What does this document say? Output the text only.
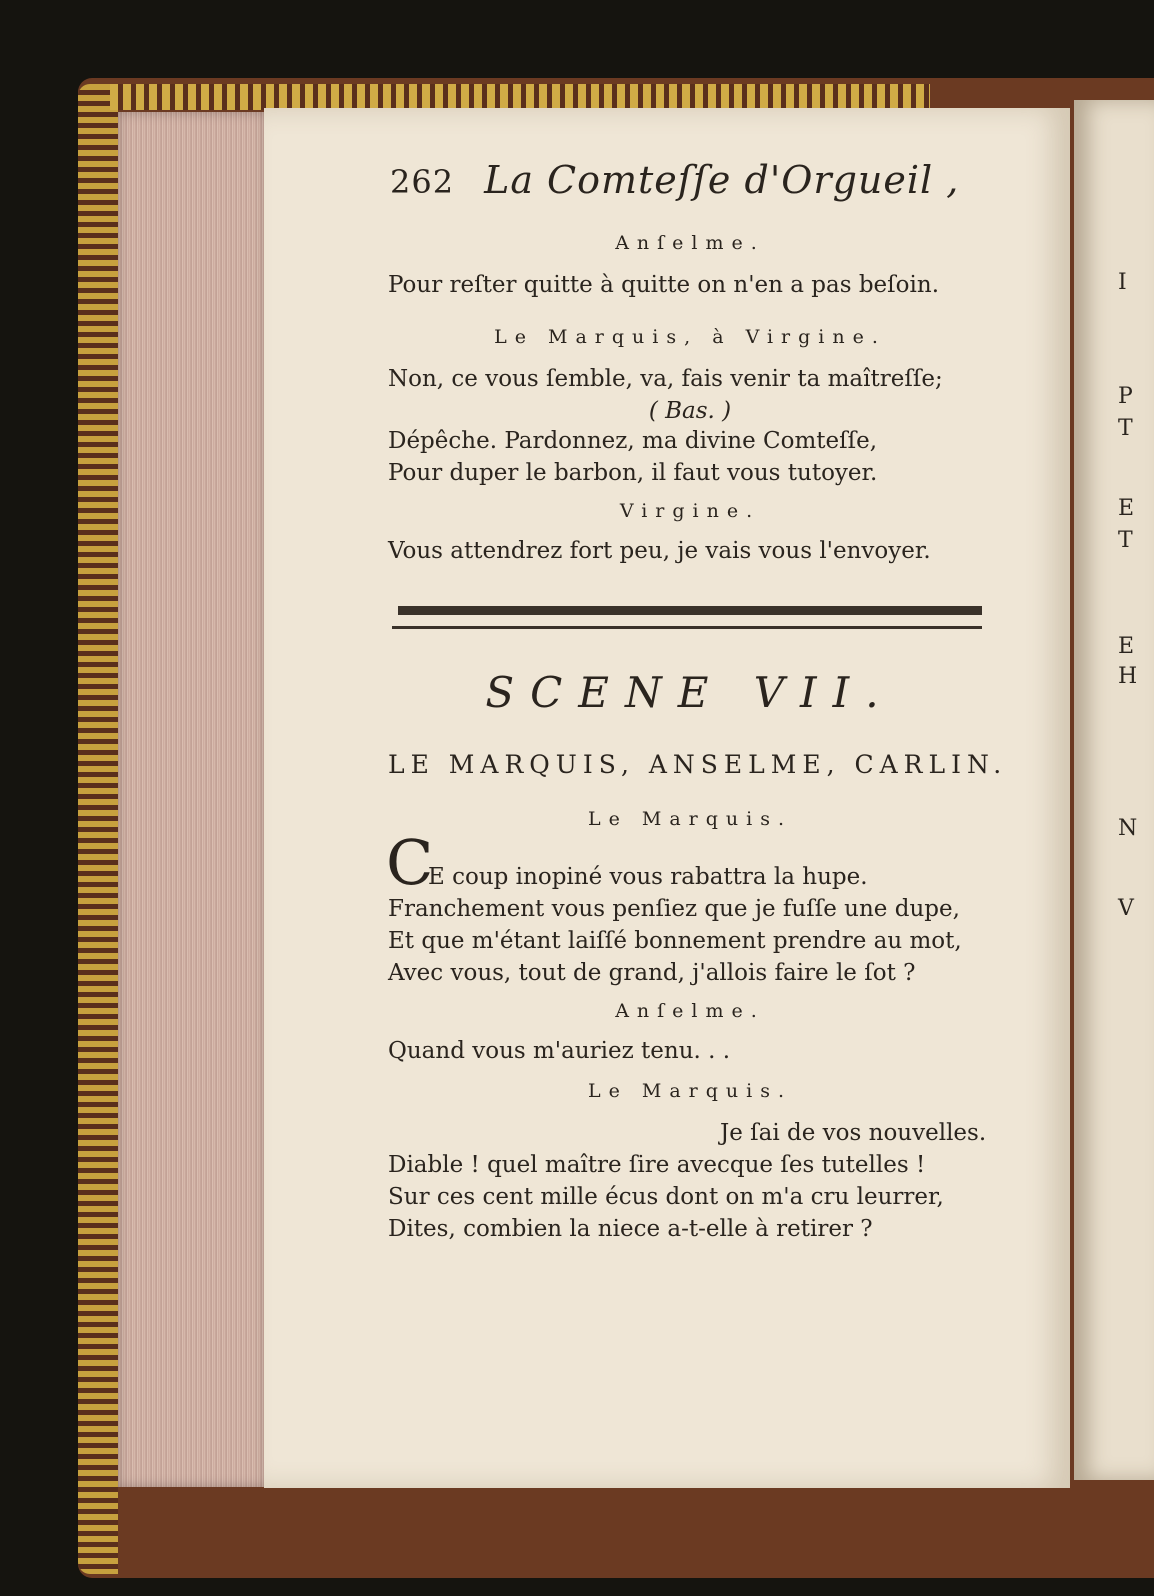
262 La Comteſſe d'Orgueil ,
Anſelme.
Pour reſter quitte à quitte on n'en a pas beſoin.
Le Marquis, à Virgine.
Non, ce vous ſemble, va, fais venir ta maîtreſſe;
( Bas. )
Dépêche. Pardonnez, ma divine Comteſſe,
Pour duper le barbon, il faut vous tutoyer.
Virgine.
Vous attendrez fort peu, je vais vous l'envoyer.
SCENE VII.
LE MARQUIS, ANSELME, CARLIN.
Le Marquis.
C
E coup inopiné vous rabattra la hupe.
Franchement vous penſiez que je fuſſe une dupe,
Et que m'étant laiſſé bonnement prendre au mot,
Avec vous, tout de grand, j'allois faire le ſot ?
Anſelme.
Quand vous m'auriez tenu. . .
Le Marquis.
Je ſai de vos nouvelles.
Diable ! quel maître ſire avecque ſes tutelles !
Sur ces cent mille écus dont on m'a cru leurrer,
Dites, combien la niece a-t-elle à retirer ?
I
P
T
E
T
E
H
N
V
